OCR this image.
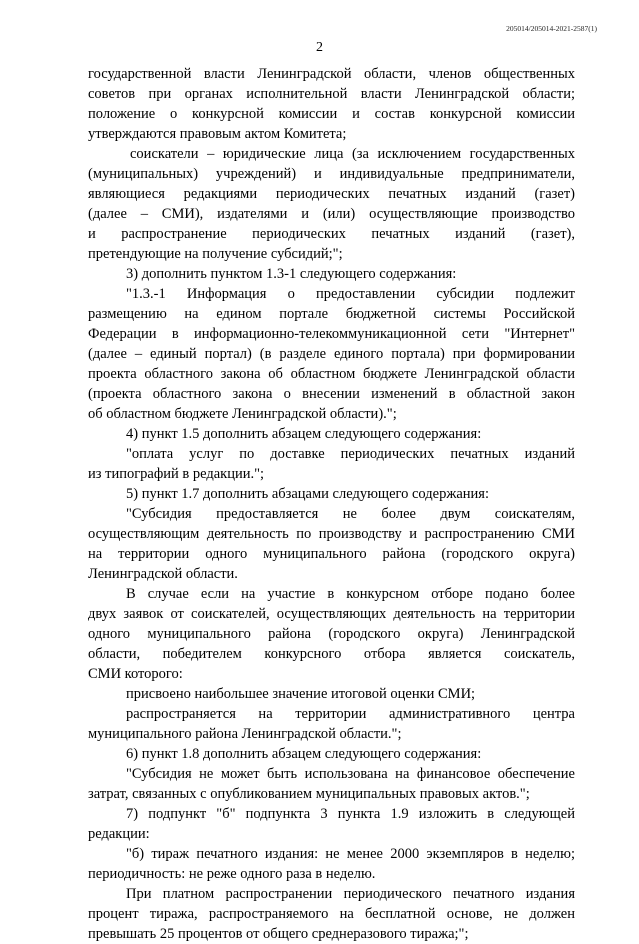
205014/205014-2021-2587(1)
2
государственной власти Ленинградской области, членов общественных
советов при органах исполнительной власти Ленинградской области;
положение о конкурсной комиссии и состав конкурсной комиссии
утверждаются правовым актом Комитета;
соискатели – юридические лица (за исключением государственных
(муниципальных) учреждений) и индивидуальные предприниматели,
являющиеся редакциями периодических печатных изданий (газет)
(далее – СМИ), издателями и (или) осуществляющие производство
и распространение периодических печатных изданий (газет),
претендующие на получение субсидий;";
3) дополнить пунктом 1.3-1 следующего содержания:
"1.3.-1 Информация о предоставлении субсидии подлежит
размещению на едином портале бюджетной системы Российской
Федерации в информационно-телекоммуникационной сети "Интернет"
(далее – единый портал) (в разделе единого портала) при формировании
проекта областного закона об областном бюджете Ленинградской области
(проекта областного закона о внесении изменений в областной закон
об областном бюджете Ленинградской области).";
4) пункт 1.5 дополнить абзацем следующего содержания:
"оплата услуг по доставке периодических печатных изданий
из типографий в редакции.";
5) пункт 1.7 дополнить абзацами следующего содержания:
"Субсидия предоставляется не более двум соискателям,
осуществляющим деятельность по производству и распространению СМИ
на территории одного муниципального района (городского округа)
Ленинградской области.
В случае если на участие в конкурсном отборе подано более
двух заявок от соискателей, осуществляющих деятельность на территории
одного муниципального района (городского округа) Ленинградской
области, победителем конкурсного отбора является соискатель,
СМИ которого:
присвоено наибольшее значение итоговой оценки СМИ;
распространяется на территории административного центра
муниципального района Ленинградской области.";
6) пункт 1.8 дополнить абзацем следующего содержания:
"Субсидия не может быть использована на финансовое обеспечение
затрат, связанных с опубликованием муниципальных правовых актов.";
7) подпункт "б" подпункта 3 пункта 1.9 изложить в следующей
редакции:
"б) тираж печатного издания: не менее 2000 экземпляров в неделю;
периодичность: не реже одного раза в неделю.
При платном распространении периодического печатного издания
процент тиража, распространяемого на бесплатной основе, не должен
превышать 25 процентов от общего среднеразового тиража;";
